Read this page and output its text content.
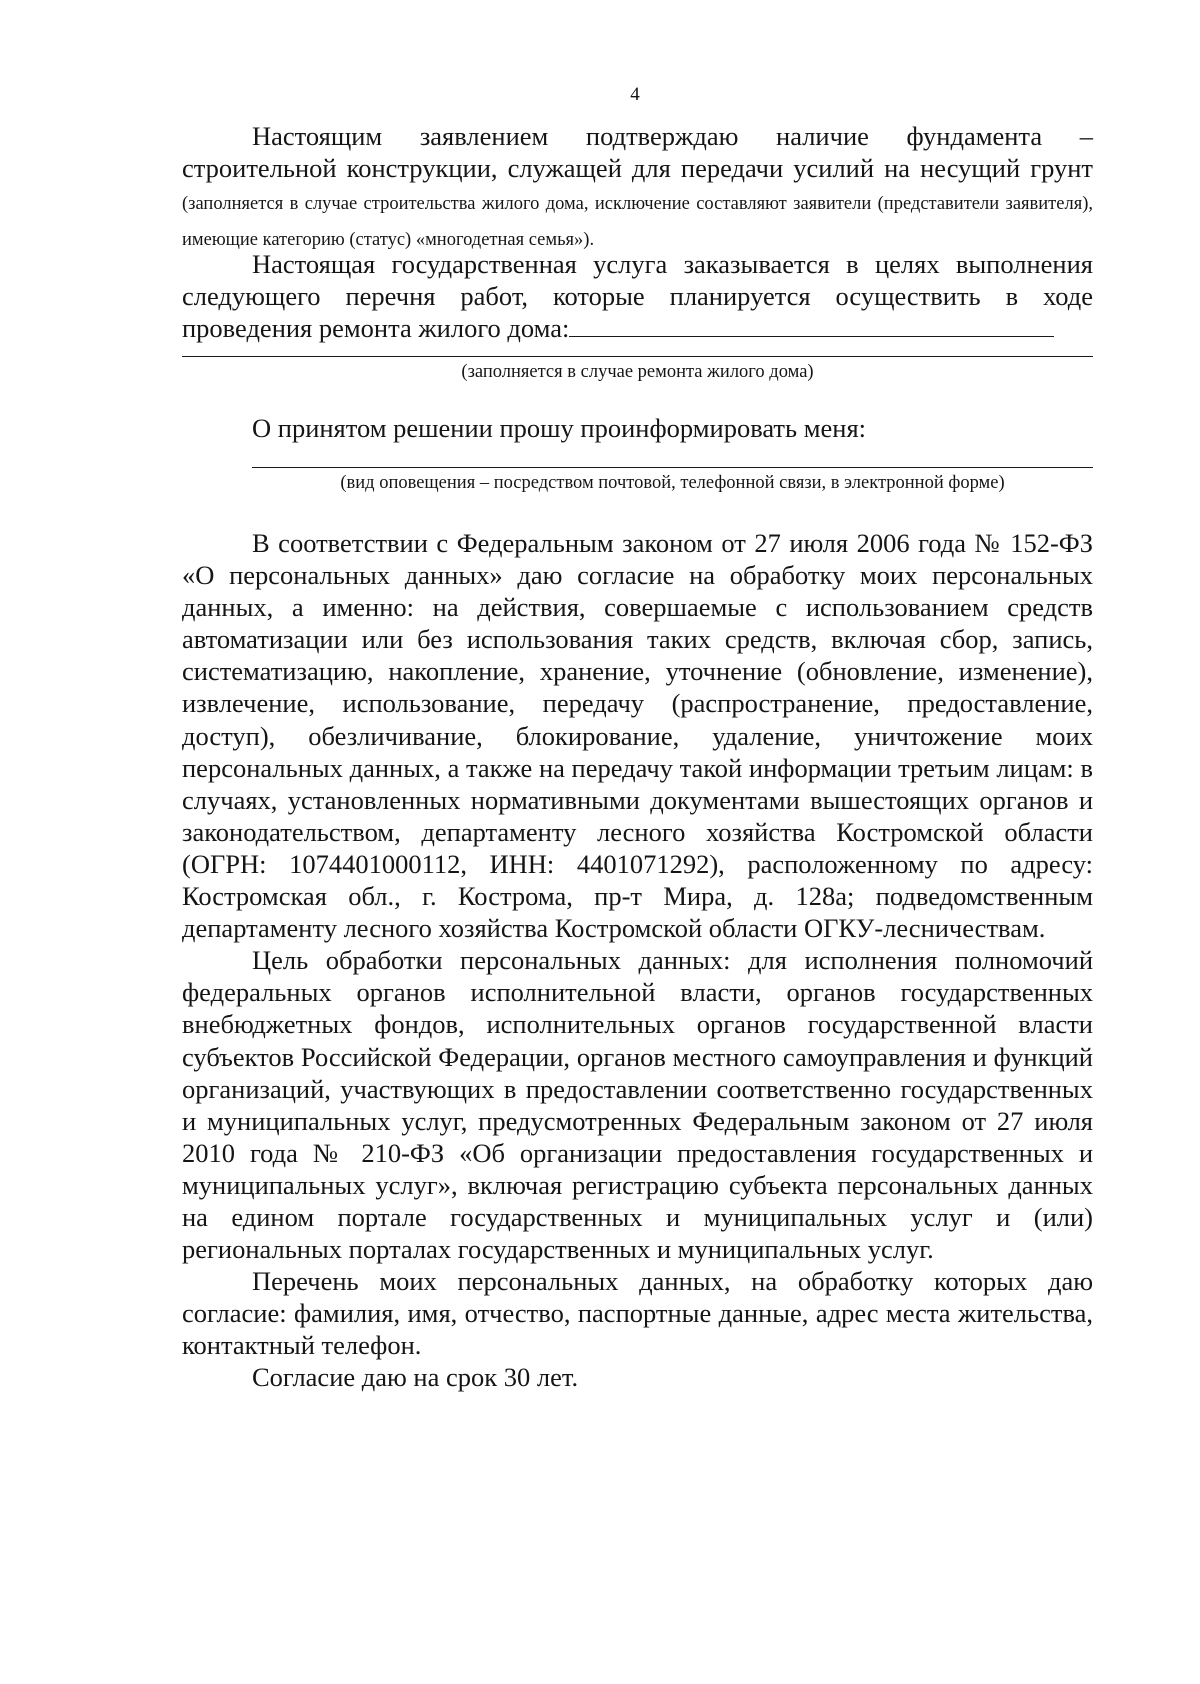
4

Настоящим заявлением подтверждаю наличие фундамента – строительной конструкции, служащей для передачи усилий на несущий грунт (заполняется в случае строительства жилого дома, исключение составляют заявители (представители заявителя), имеющие категорию (статус) «многодетная семья»).

Настоящая государственная услуга заказывается в целях выполнения следующего перечня работ, которые планируется осуществить в ходе проведения ремонта жилого дома:

(заполняется в случае ремонта жилого дома)

О принятом решении прошу проинформировать меня:

(вид оповещения – посредством почтовой, телефонной связи, в электронной форме)

В соответствии с Федеральным законом от 27 июля 2006 года № 152-ФЗ «О персональных данных» даю согласие на обработку моих персональных данных, а именно: на действия, совершаемые с использованием средств автоматизации или без использования таких средств, включая сбор, запись, систематизацию, накопление, хранение, уточнение (обновление, изменение), извлечение, использование, передачу (распространение, предоставление, доступ), обезличивание, блокирование, удаление, уничтожение моих персональных данных, а также на передачу такой информации третьим лицам: в случаях, установленных нормативными документами вышестоящих органов и законодательством, департаменту лесного хозяйства Костромской области (ОГРН: 1074401000112, ИНН: 4401071292), расположенному по адресу: Костромская обл., г. Кострома, пр-т Мира, д. 128а; подведомственным департаменту лесного хозяйства Костромской области ОГКУ-лесничествам.

Цель обработки персональных данных: для исполнения полномочий федеральных органов исполнительной власти, органов государственных внебюджетных фондов, исполнительных органов государственной власти субъектов Российской Федерации, органов местного самоуправления и функций организаций, участвующих в предоставлении соответственно государственных и муниципальных услуг, предусмотренных Федеральным законом от 27 июля 2010 года № 210-ФЗ «Об организации предоставления государственных и муниципальных услуг», включая регистрацию субъекта персональных данных на едином портале государственных и муниципальных услуг и (или) региональных порталах государственных и муниципальных услуг.

Перечень моих персональных данных, на обработку которых даю согласие: фамилия, имя, отчество, паспортные данные, адрес места жительства, контактный телефон.

Согласие даю на срок 30 лет.
